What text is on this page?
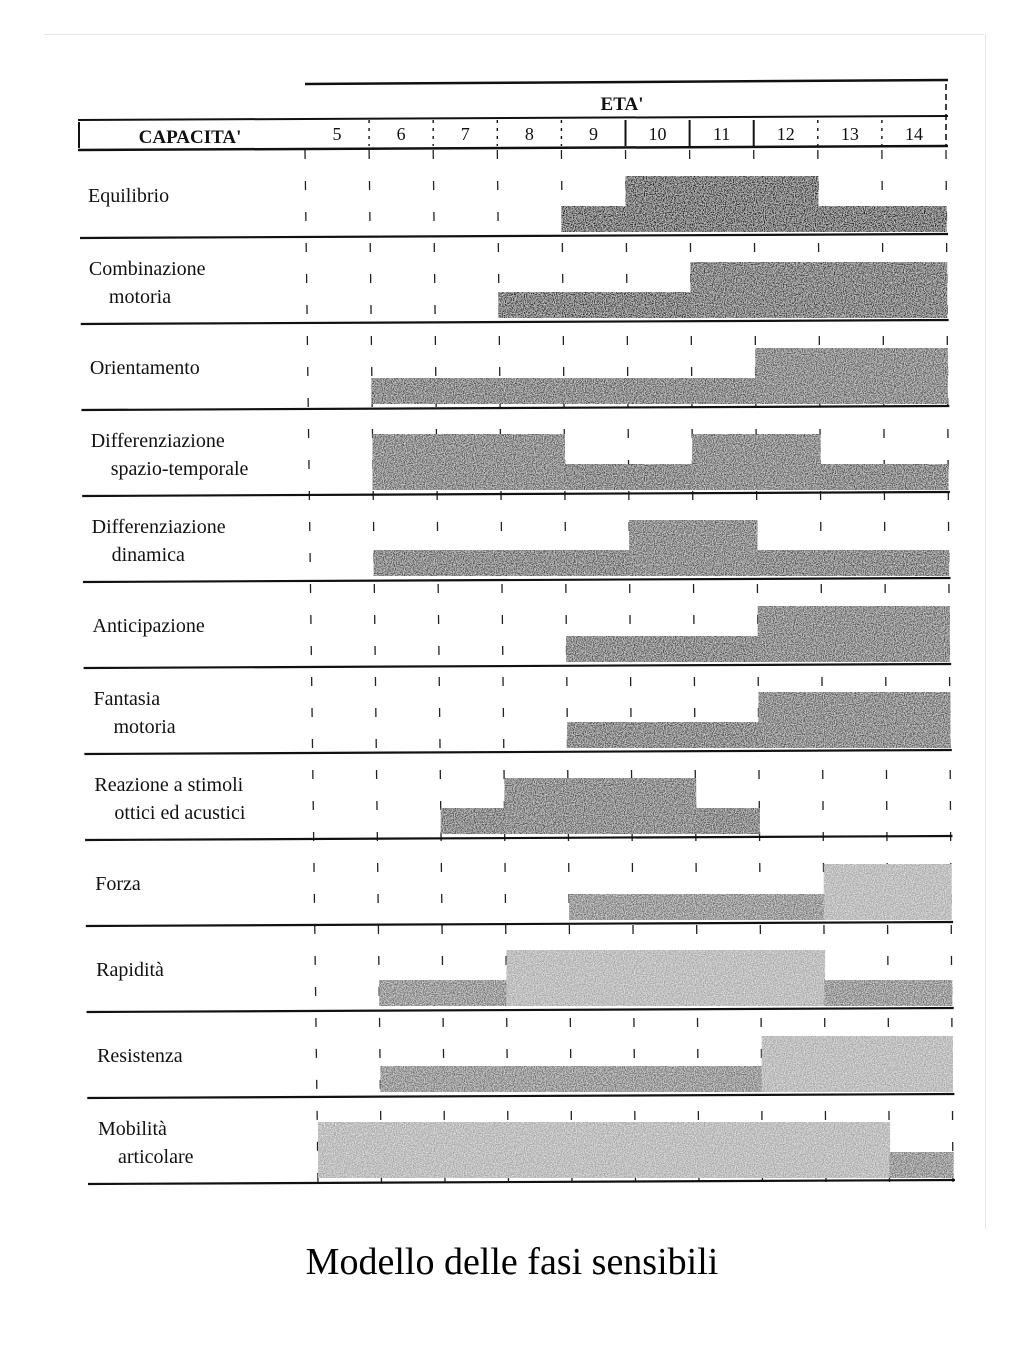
ETA'
CAPACITA'	5	6	7	8	9	10	11	12	13	14
Equilibrio
Combinazione
motoria
Orientamento
Differenziazione
spazio-temporale
Differenziazione
dinamica
Anticipazione
Fantasia
motoria
Reazione a stimoli
ottici ed acustici
Forza
Rapidità
Resistenza
Mobilità
articolare
Modello delle fasi sensibili
